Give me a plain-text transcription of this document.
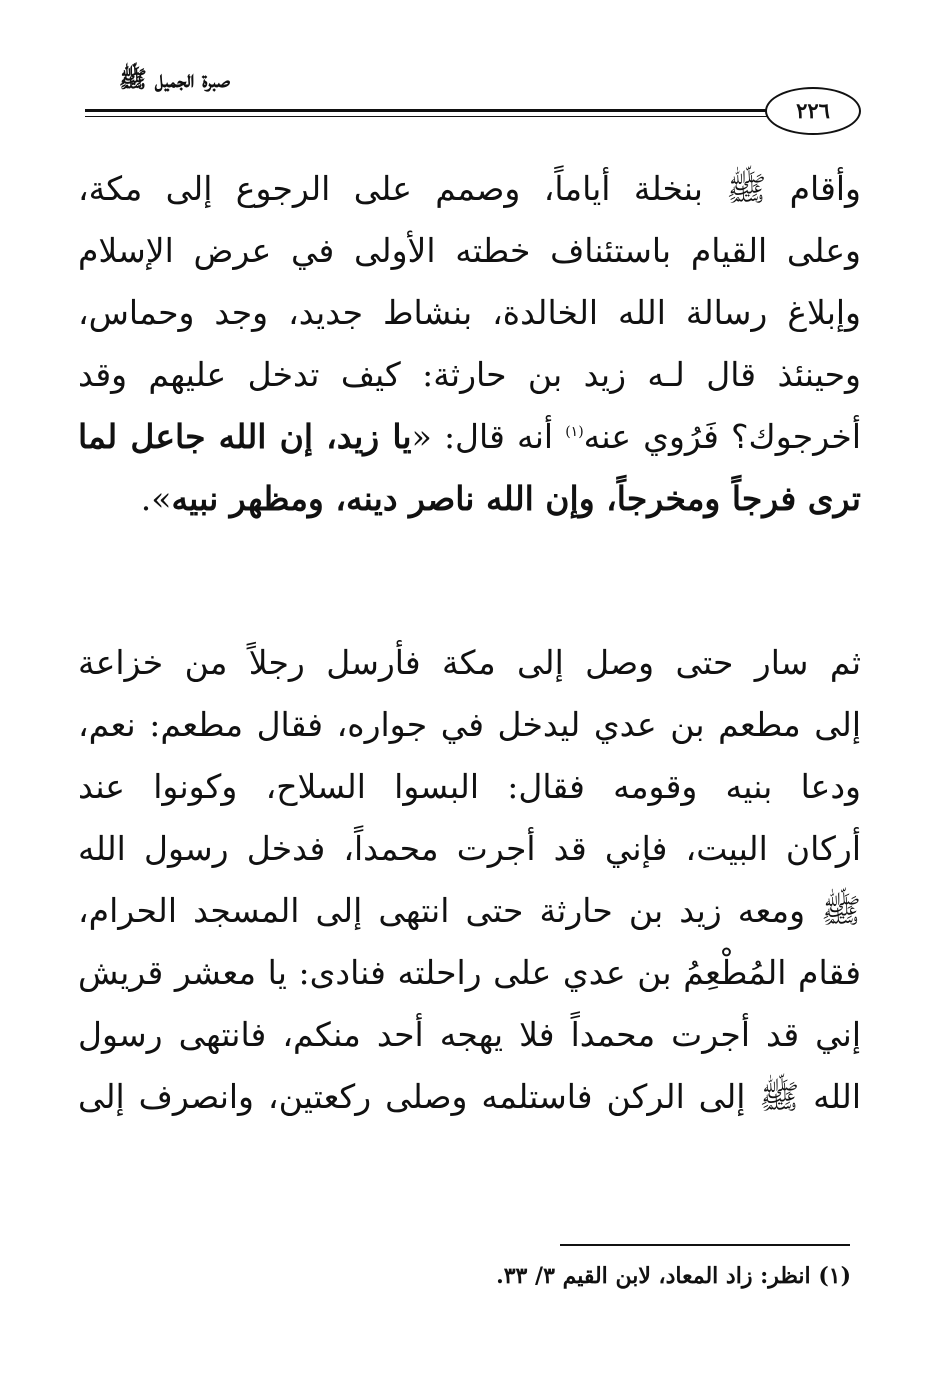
صبرة الجميل ﷺ
٢٢٦
وأقام ﷺ بنخلة أياماً، وصمم على الرجوع إلى مكة،
وعلى القيام باستئناف خطته الأولى في عرض الإسلام
وإبلاغ رسالة الله الخالدة، بنشاط جديد، وجد وحماس،
وحينئذ قال لـه زيد بن حارثة: كيف تدخل عليهم وقد
أخرجوك؟ فَرُوي عنه$^{(١)}$ أنه قال: «يا زيد، إن الله جاعل لما
ترى فرجاً ومخرجاً، وإن الله ناصر دينه، ومظهر نبيه».
ثم سار حتى وصل إلى مكة فأرسل رجلاً من خزاعة
إلى مطعم بن عدي ليدخل في جواره، فقال مطعم: نعم،
ودعا بنيه وقومه فقال: البسوا السلاح، وكونوا عند
أركان البيت، فإني قد أجرت محمداً، فدخل رسول الله
ﷺ ومعه زيد بن حارثة حتى انتهى إلى المسجد الحرام،
فقام المُطْعِمُ بن عدي على راحلته فنادى: يا معشر قريش
إني قد أجرت محمداً فلا يهجه أحد منكم، فانتهى رسول
الله ﷺ إلى الركن فاستلمه وصلى ركعتين، وانصرف إلى
(١) انظر: زاد المعاد، لابن القيم ٣/ ٣٣.
